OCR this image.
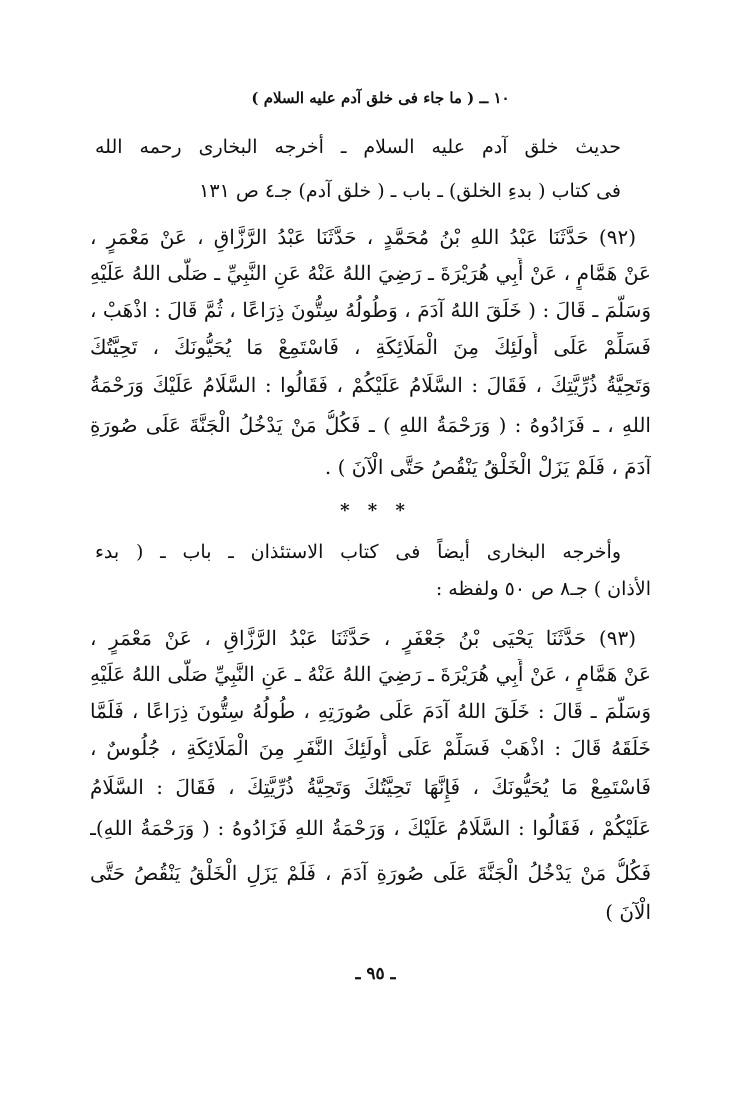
١٠ ــ ( ما جاء فى خلق آدم عليه السلام )
حديث خلق آدم عليه السلام ـ أخرجه البخارى رحمه الله
فى كتاب ( بدءِ الخلق) ـ باب ـ ( خلق آدم) جـ٤ ص ١٣١
(٩٢) حَدَّثَنَا عَبْدُ اللهِ بْنُ مُحَمَّدٍ ، حَدَّثَنَا عَبْدُ الرَّزَّاقِ ، عَنْ مَعْمَرٍ ،
عَنْ هَمَّامٍ ، عَنْ أَبِي هُرَيْرَةَ ـ رَضِيَ اللهُ عَنْهُ عَنِ النَّبِيِّ ـ صَلَّى اللهُ عَلَيْهِ
وَسَلَّمَ ـ قَالَ : ( خَلَقَ اللهُ آدَمَ ، وَطُولُهُ سِتُّونَ ذِرَاعًا ، ثُمَّ قَالَ : اذْهَبْ ،
فَسَلِّمْ عَلَى أُولَئِكَ مِنَ الْمَلَائِكَةِ ، فَاسْتَمِعْ مَا يُحَيُّونَكَ ، تَحِيَّتُكَ
وَتَحِيَّةُ ذُرِّيَّتِكَ ، فَقَالَ : السَّلَامُ عَلَيْكُمْ ، فَقَالُوا : السَّلَامُ عَلَيْكَ وَرَحْمَةُ
اللهِ ، ـ فَزَادُوهُ : ( وَرَحْمَةُ اللهِ ) ـ فَكُلُّ مَنْ يَدْخُلُ الْجَنَّةَ عَلَى صُورَةِ
آدَمَ ، فَلَمْ يَزَلْ الْخَلْقُ يَنْقُصُ حَتَّى الْآنَ ) .
* * *
وأخرجه البخارى أيضاً فى كتاب الاستئذان ـ باب ـ ( بدء
الأذان ) جـ٨ ص ٥٠ ولفظه :
(٩٣) حَدَّثَنَا يَحْيَى بْنُ جَعْفَرٍ ، حَدَّثَنَا عَبْدُ الرَّزَّاقِ ، عَنْ مَعْمَرٍ ،
عَنْ هَمَّامٍ ، عَنْ أَبِي هُرَيْرَةَ ـ رَضِيَ اللهُ عَنْهُ ـ عَنِ النَّبِيِّ صَلَّى اللهُ عَلَيْهِ
وَسَلَّمَ ـ قَالَ : خَلَقَ اللهُ آدَمَ عَلَى صُورَتِهِ ، طُولُهُ سِتُّونَ ذِرَاعًا ، فَلَمَّا
خَلَقَهُ قَالَ : اذْهَبْ فَسَلِّمْ عَلَى أُولَئِكَ النَّفَرِ مِنَ الْمَلَائِكَةِ ، جُلُوسٌ ،
فَاسْتَمِعْ مَا يُحَيُّونَكَ ، فَإِنَّهَا تَحِيَّتُكَ وَتَحِيَّةُ ذُرِّيَّتِكَ ، فَقَالَ : السَّلَامُ
عَلَيْكُمْ ، فَقَالُوا : السَّلَامُ عَلَيْكَ ، وَرَحْمَةُ اللهِ فَزَادُوهُ : ( وَرَحْمَةُ اللهِ)ـ
فَكُلُّ مَنْ يَدْخُلُ الْجَنَّةَ عَلَى صُورَةِ آدَمَ ، فَلَمْ يَزَلِ الْخَلْقُ يَنْقُصُ حَتَّى
الْآنَ )
ـ ٩٥ ـ
